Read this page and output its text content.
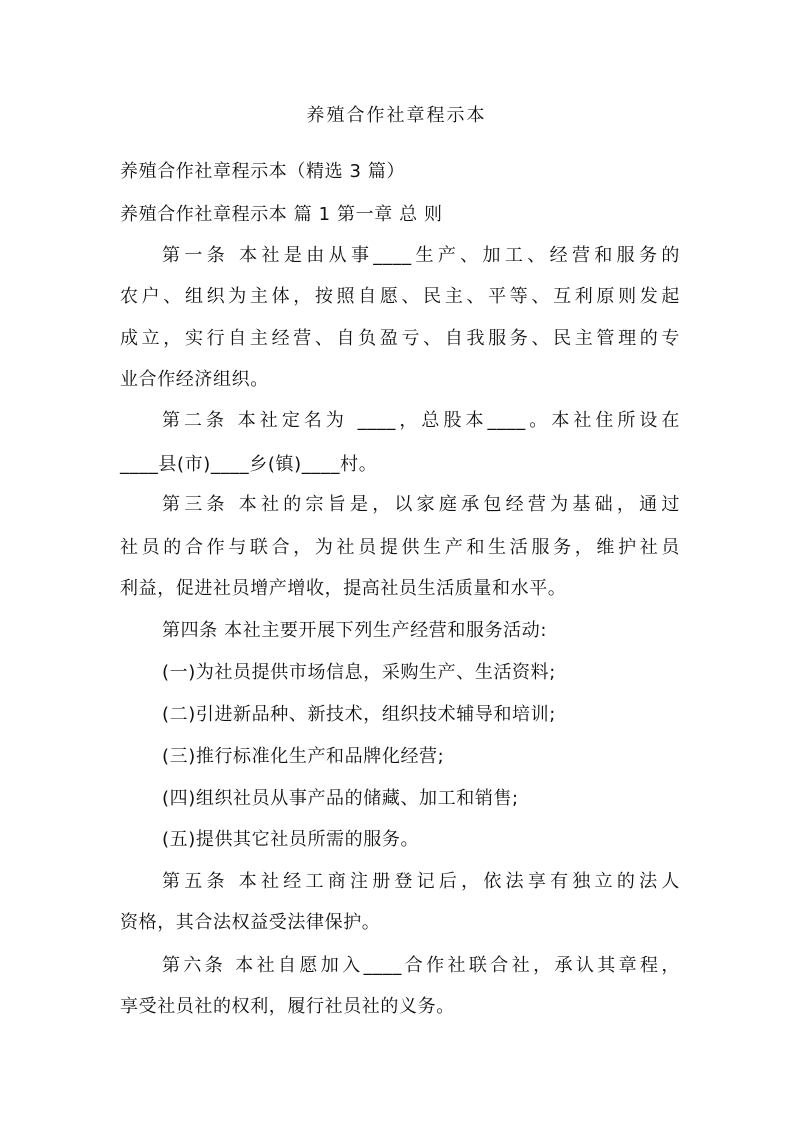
养殖合作社章程示本
养殖合作社章程示本（精选 3 篇）
养殖合作社章程示本 篇 1 第一章 总 则
第一条 本社是由从事____生产、加工、经营和服务的
农户、组织为主体，按照自愿、民主、平等、互利原则发起
成立，实行自主经营、自负盈亏、自我服务、民主管理的专
业合作经济组织。
第二条 本社定名为 ____，总股本____。本社住所设在
____县(市)____乡(镇)____村。
第三条 本社的宗旨是，以家庭承包经营为基础，通过
社员的合作与联合，为社员提供生产和生活服务，维护社员
利益，促进社员增产增收，提高社员生活质量和水平。
第四条 本社主要开展下列生产经营和服务活动:
(一)为社员提供市场信息，采购生产、生活资料;
(二)引进新品种、新技术，组织技术辅导和培训;
(三)推行标准化生产和品牌化经营;
(四)组织社员从事产品的储藏、加工和销售;
(五)提供其它社员所需的服务。
第五条 本社经工商注册登记后，依法享有独立的法人
资格，其合法权益受法律保护。
第六条 本社自愿加入____合作社联合社，承认其章程，
享受社员社的权利，履行社员社的义务。
